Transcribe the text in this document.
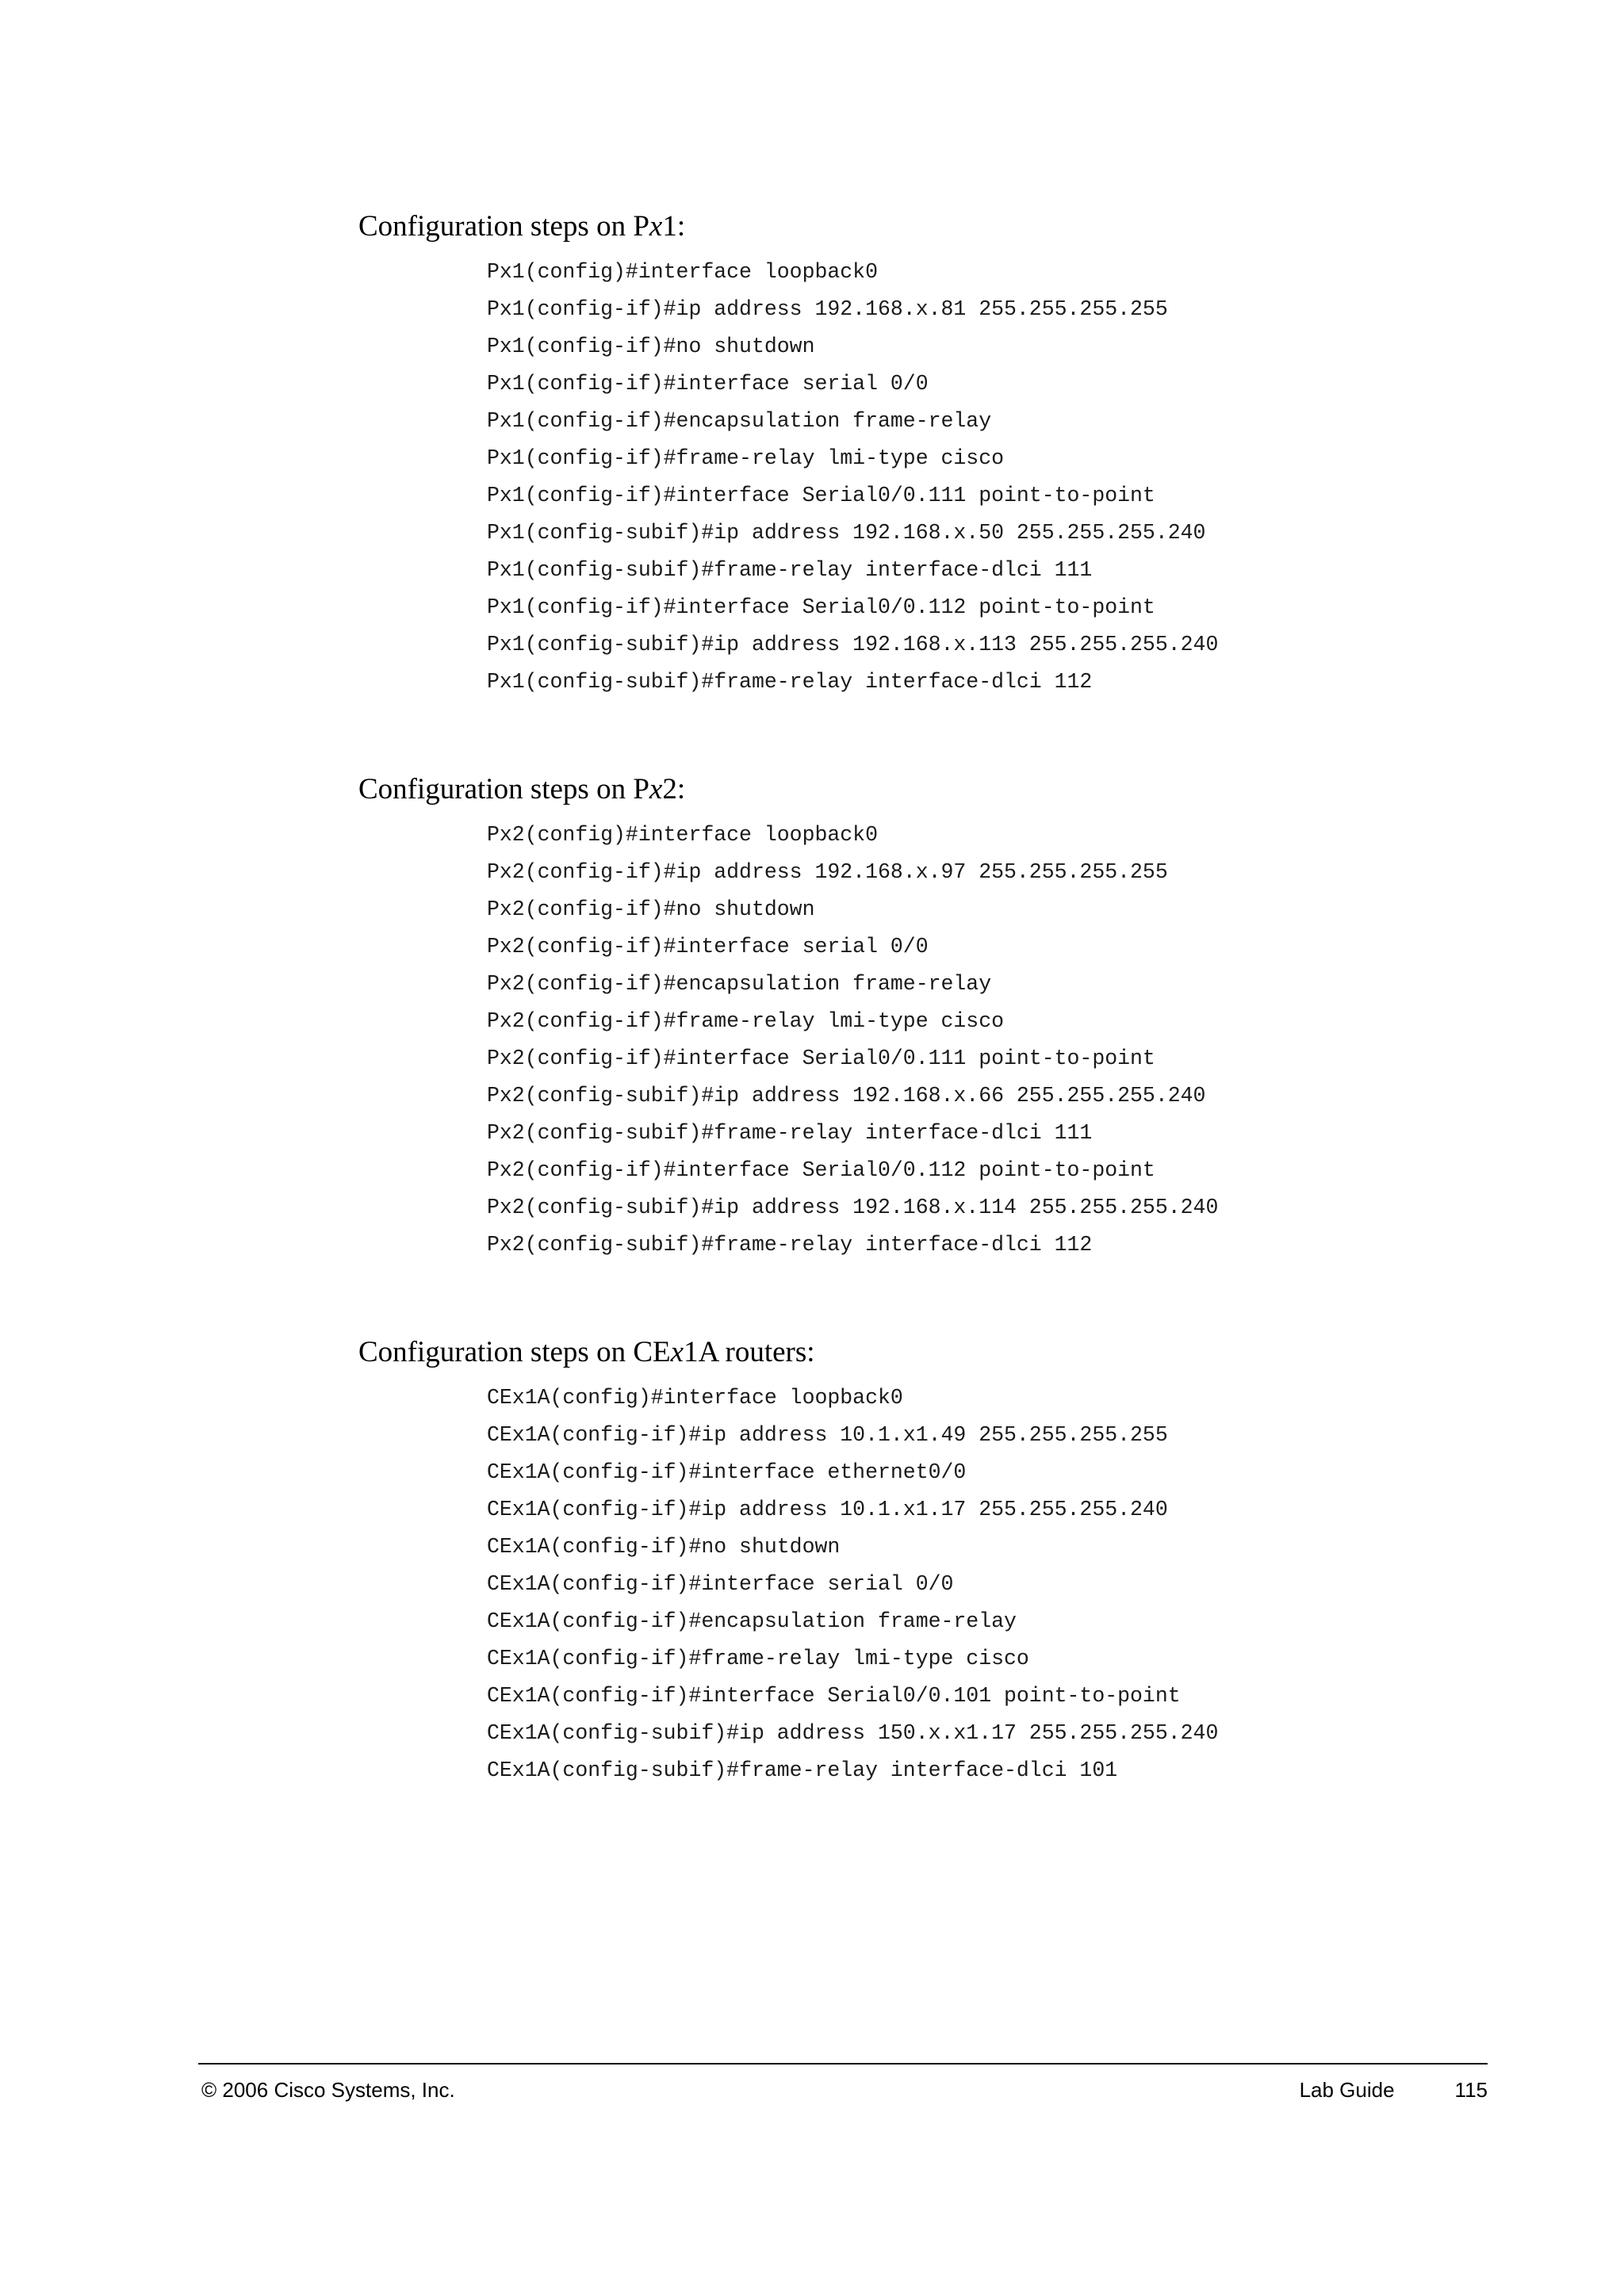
Configuration steps on Px1:
Px1(config)#interface loopback0
Px1(config-if)#ip address 192.168.x.81 255.255.255.255
Px1(config-if)#no shutdown
Px1(config-if)#interface serial 0/0
Px1(config-if)#encapsulation frame-relay
Px1(config-if)#frame-relay lmi-type cisco
Px1(config-if)#interface Serial0/0.111 point-to-point
Px1(config-subif)#ip address 192.168.x.50 255.255.255.240
Px1(config-subif)#frame-relay interface-dlci 111
Px1(config-if)#interface Serial0/0.112 point-to-point
Px1(config-subif)#ip address 192.168.x.113 255.255.255.240
Px1(config-subif)#frame-relay interface-dlci 112
Configuration steps on Px2:
Px2(config)#interface loopback0
Px2(config-if)#ip address 192.168.x.97 255.255.255.255
Px2(config-if)#no shutdown
Px2(config-if)#interface serial 0/0
Px2(config-if)#encapsulation frame-relay
Px2(config-if)#frame-relay lmi-type cisco
Px2(config-if)#interface Serial0/0.111 point-to-point
Px2(config-subif)#ip address 192.168.x.66 255.255.255.240
Px2(config-subif)#frame-relay interface-dlci 111
Px2(config-if)#interface Serial0/0.112 point-to-point
Px2(config-subif)#ip address 192.168.x.114 255.255.255.240
Px2(config-subif)#frame-relay interface-dlci 112
Configuration steps on CEx1A routers:
CEx1A(config)#interface loopback0
CEx1A(config-if)#ip address 10.1.x1.49 255.255.255.255
CEx1A(config-if)#interface ethernet0/0
CEx1A(config-if)#ip address 10.1.x1.17 255.255.255.240
CEx1A(config-if)#no shutdown
CEx1A(config-if)#interface serial 0/0
CEx1A(config-if)#encapsulation frame-relay
CEx1A(config-if)#frame-relay lmi-type cisco
CEx1A(config-if)#interface Serial0/0.101 point-to-point
CEx1A(config-subif)#ip address 150.x.x1.17 255.255.255.240
CEx1A(config-subif)#frame-relay interface-dlci 101
© 2006 Cisco Systems, Inc.	Lab Guide	115
